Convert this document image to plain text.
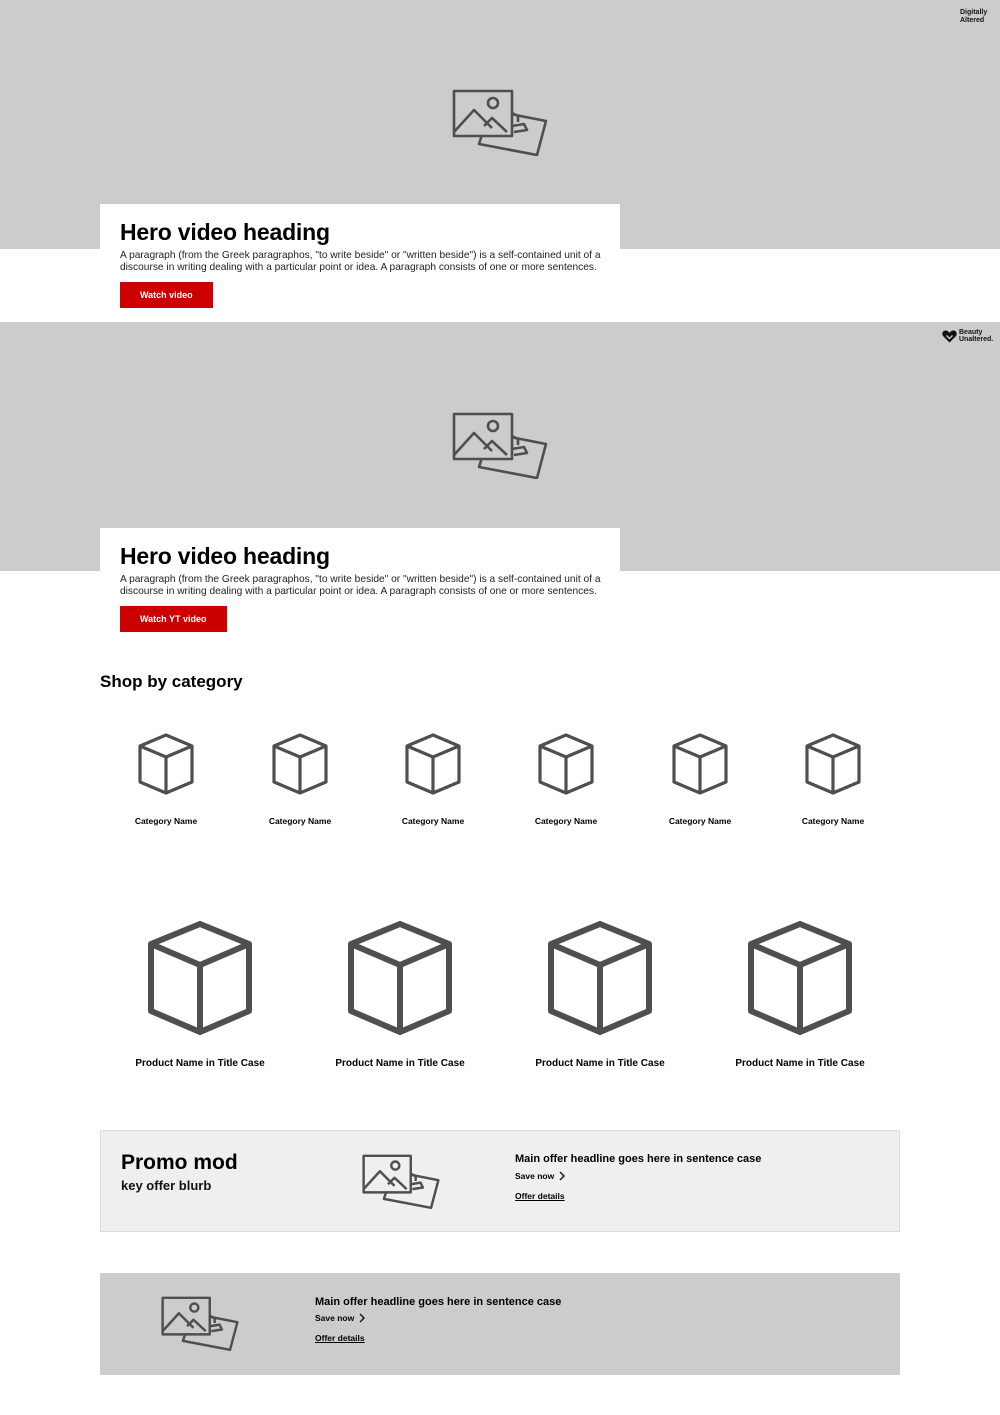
Digitally Altered
Hero video heading

A paragraph (from the Greek paragraphos, "to write beside" or "written beside") is a self-contained unit of a discourse in writing dealing with a particular point or idea. A paragraph consists of one or more sentences.

Watch video
Beauty
Unaltered.
Hero video heading

A paragraph (from the Greek paragraphos, "to write beside" or "written beside") is a self-contained unit of a discourse in writing dealing with a particular point or idea. A paragraph consists of one or more sentences.

Watch YT video
Shop by category
Category Name	Category Name	Category Name	Category Name	Category Name	Category Name
Product Name in Title Case	Product Name in Title Case	Product Name in Title Case	Product Name in Title Case
Promo mod

key offer blurb

Main offer headline goes here in sentence case
Save now
Offer details
Main offer headline goes here in sentence case
Save now
Offer details
